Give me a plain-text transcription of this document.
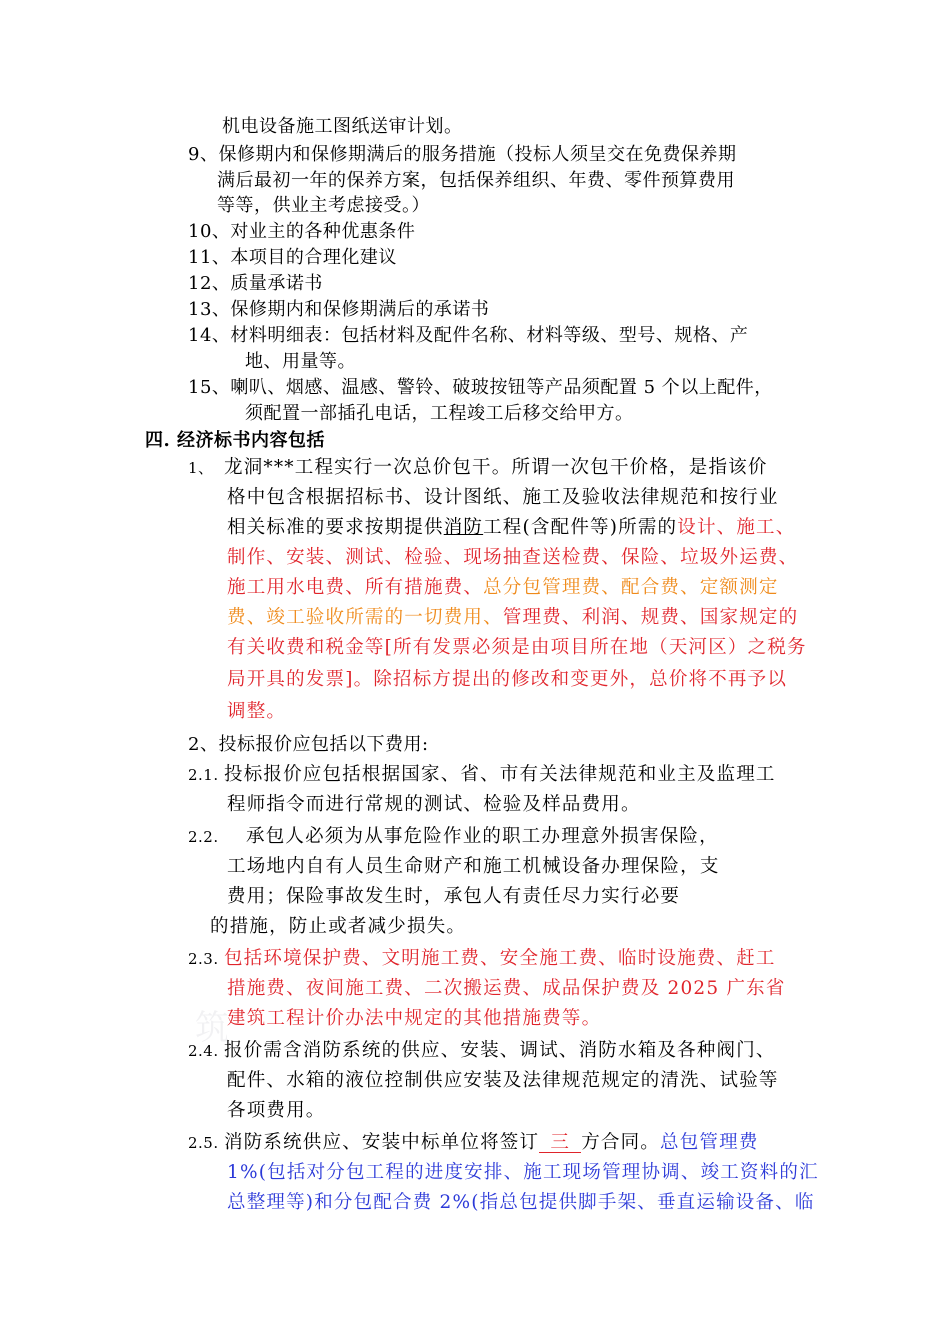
筑
机电设备施工图纸送审计划。
9、保修期内和保修期满后的服务措施（投标人须呈交在免费保养期
满后最初一年的保养方案，包括保养组织、年费、零件预算费用
等等，供业主考虑接受。）
10、对业主的各种优惠条件
11、本项目的合理化建议
12、质量承诺书
13、保修期内和保修期满后的承诺书
14、材料明细表：包括材料及配件名称、材料等级、型号、规格、产
地、用量等。
15、喇叭、烟感、温感、警铃、破玻按钮等产品须配置 5 个以上配件，
须配置一部插孔电话，工程竣工后移交给甲方。
四. 经济标书内容包括
1、 龙洞***工程实行一次总价包干。所谓一次包干价格，是指该价
格中包含根据招标书、设计图纸、施工及验收法律规范和按行业
相关标准的要求按期提供消防工程(含配件等)所需的设计、施工、
制作、安装、测试、检验、现场抽查送检费、保险、垃圾外运费、
施工用水电费、所有措施费、总分包管理费、配合费、定额测定
费、竣工验收所需的一切费用、管理费、利润、规费、国家规定的
有关收费和税金等[所有发票必须是由项目所在地（天河区）之税务
局开具的发票]。除招标方提出的修改和变更外，总价将不再予以
调整。
2、投标报价应包括以下费用:
2.1. 投标报价应包括根据国家、省、市有关法律规范和业主及监理工
程师指令而进行常规的测试、检验及样品费用。
2.2. 承包人必须为从事危险作业的职工办理意外损害保险，
工场地内自有人员生命财产和施工机械设备办理保险，支
费用；保险事故发生时，承包人有责任尽力实行必要
的措施，防止或者减少损失。
2.3. 包括环境保护费、文明施工费、安全施工费、临时设施费、赶工
措施费、夜间施工费、二次搬运费、成品保护费及 2025 广东省
建筑工程计价办法中规定的其他措施费等。
2.4. 报价需含消防系统的供应、安装、调试、消防水箱及各种阀门、
配件、水箱的液位控制供应安装及法律规范规定的清洗、试验等
各项费用。
2.5. 消防系统供应、安装中标单位将签订 三 方合同。总包管理费
1%(包括对分包工程的进度安排、施工现场管理协调、竣工资料的汇
总整理等)和分包配合费 2%(指总包提供脚手架、垂直运输设备、临
